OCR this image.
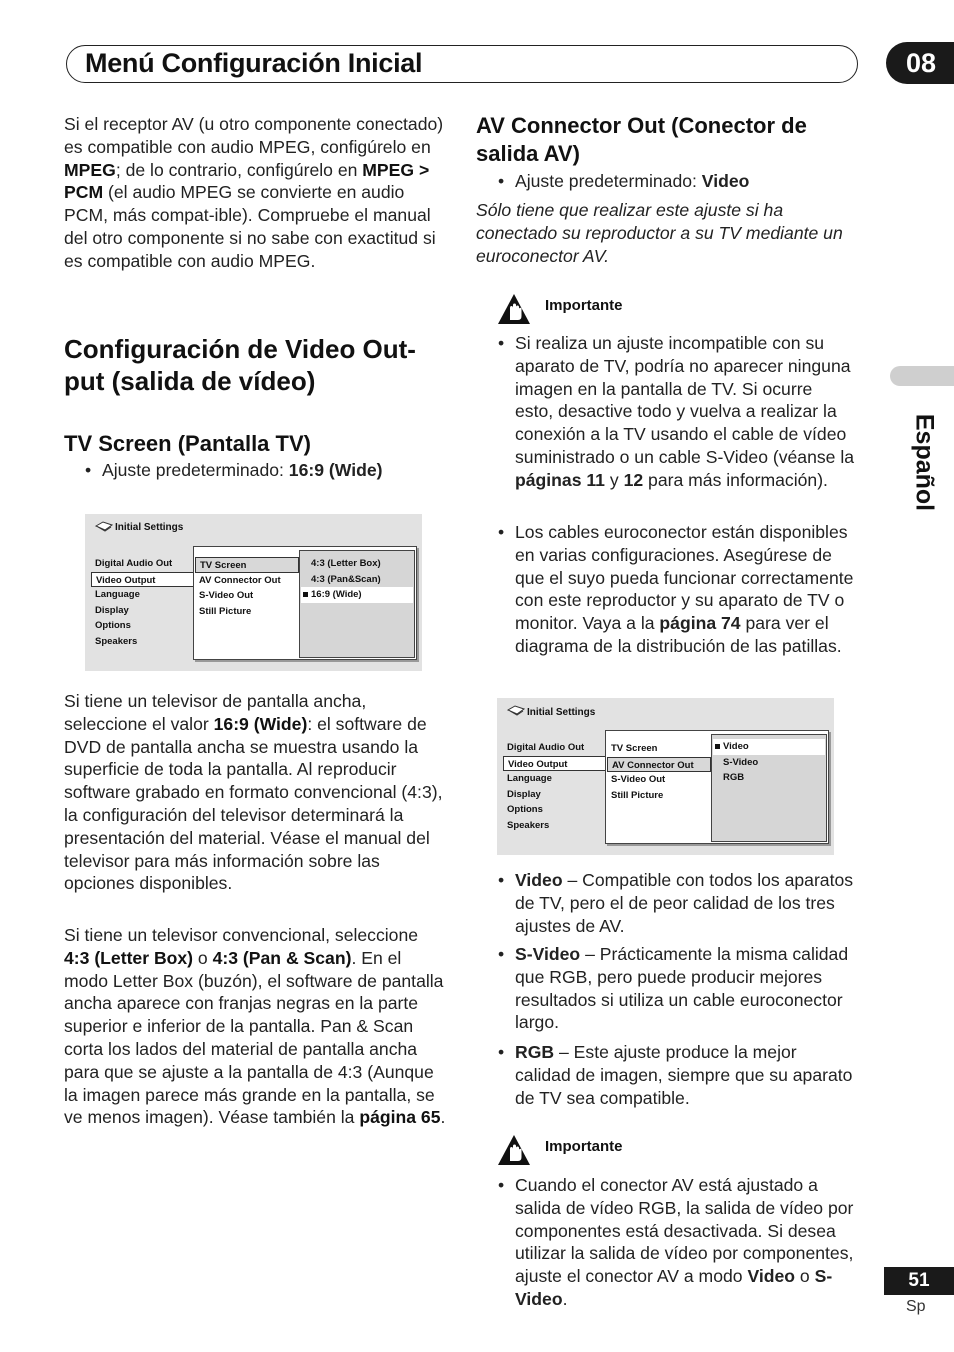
Menú Configuración Inicial	08
Español
Si el receptor AV (u otro componente conectado) es compatible con audio MPEG, configúrelo en MPEG; de lo contrario, configúrelo en MPEG > PCM (el audio MPEG se convierte en audio PCM, más compat-ible). Compruebe el manual del otro componente si no sabe con exactitud si es compatible con audio MPEG.
Configuración de Video Out-put (salida de vídeo)
TV Screen (Pantalla TV)
• Ajuste predeterminado: 16:9 (Wide)
Initial Settings
Digital Audio Out
Video Output
Language
Display
Options
Speakers
TV Screen
AV Connector Out
S-Video Out
Still Picture
4:3 (Letter Box)
4:3 (Pan&Scan)
16:9 (Wide)
Si tiene un televisor de pantalla ancha, seleccione el valor 16:9 (Wide): el software de DVD de pantalla ancha se muestra usando la superficie de toda la pantalla. Al reproducir software grabado en formato convencional (4:3), la configuración del televisor determinará la presentación del material. Véase el manual del televisor para más información sobre las opciones disponibles.
Si tiene un televisor convencional, seleccione 4:3 (Letter Box) o 4:3 (Pan & Scan). En el modo Letter Box (buzón), el software de pantalla ancha aparece con franjas negras en la parte superior e inferior de la pantalla. Pan & Scan corta los lados del material de pantalla ancha para que se ajuste a la pantalla de 4:3 (Aunque la imagen parece más grande en la pantalla, se ve menos imagen). Véase también la página 65.
AV Connector Out (Conector de salida AV)
• Ajuste predeterminado: Video
Sólo tiene que realizar este ajuste si ha conectado su reproductor a su TV mediante un euroconector AV.
Importante
• Si realiza un ajuste incompatible con su aparato de TV, podría no aparecer ninguna imagen en la pantalla de TV. Si ocurre esto, desactive todo y vuelva a realizar la conexión a la TV usando el cable de vídeo suministrado o un cable S-Video (véanse la páginas 11 y 12 para más información).
• Los cables euroconector están disponibles en varias configuraciones. Asegúrese de que el suyo pueda funcionar correctamente con este reproductor y su aparato de TV o monitor. Vaya a la página 74 para ver el diagrama de la distribución de las patillas.
Initial Settings
Digital Audio Out
Video Output
Language
Display
Options
Speakers
TV Screen
AV Connector Out
S-Video Out
Still Picture
Video
S-Video
RGB
• Video – Compatible con todos los aparatos de TV, pero el de peor calidad de los tres ajustes de AV.
• S-Video – Prácticamente la misma calidad que RGB, pero puede producir mejores resultados si utiliza un cable euroconector largo.
• RGB – Este ajuste produce la mejor calidad de imagen, siempre que su aparato de TV sea compatible.
Importante
• Cuando el conector AV está ajustado a salida de vídeo RGB, la salida de vídeo por componentes está desactivada. Si desea utilizar la salida de vídeo por componentes, ajuste el conector AV a modo Video o S-Video.
51
Sp
